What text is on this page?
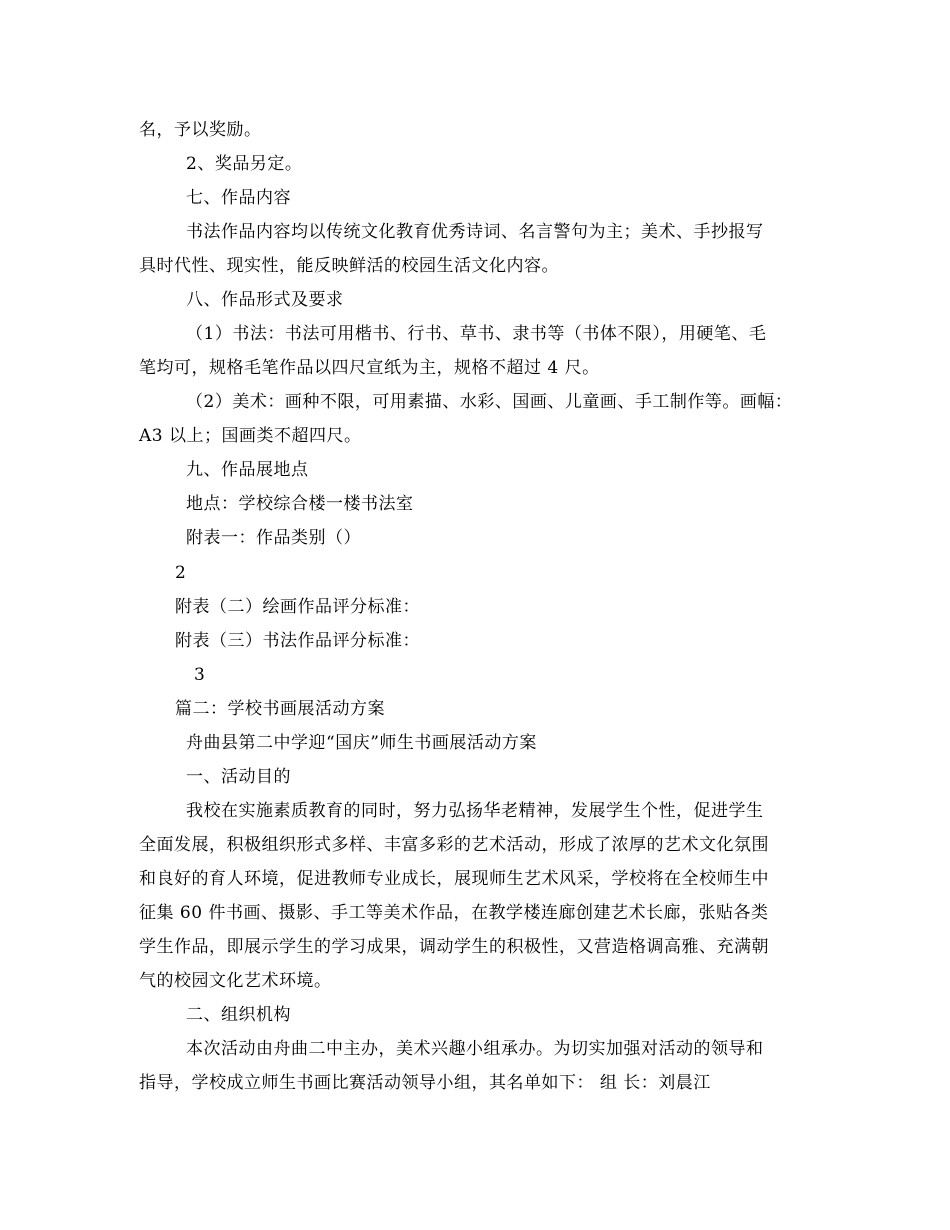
名，予以奖励。
2、奖品另定。
七、作品内容
书法作品内容均以传统文化教育优秀诗词、名言警句为主；美术、手抄报写
具时代性、现实性，能反映鲜活的校园生活文化内容。
八、作品形式及要求
（1）书法：书法可用楷书、行书、草书、隶书等（书体不限），用硬笔、毛
笔均可，规格毛笔作品以四尺宣纸为主，规格不超过 4 尺。
（2）美术：画种不限，可用素描、水彩、国画、儿童画、手工制作等。画幅：
A3 以上；国画类不超四尺。
九、作品展地点
地点：学校综合楼一楼书法室
附表一：作品类别（）
2
附表（二）绘画作品评分标准：
附表（三）书法作品评分标准：
3
篇二：学校书画展活动方案
舟曲县第二中学迎“国庆”师生书画展活动方案
一、活动目的
我校在实施素质教育的同时，努力弘扬华老精神，发展学生个性，促进学生
全面发展，积极组织形式多样、丰富多彩的艺术活动，形成了浓厚的艺术文化氛围
和良好的育人环境，促进教师专业成长，展现师生艺术风采，学校将在全校师生中
征集 60 件书画、摄影、手工等美术作品，在教学楼连廊创建艺术长廊，张贴各类
学生作品，即展示学生的学习成果，调动学生的积极性，又营造格调高雅、充满朝
气的校园文化艺术环境。
二、组织机构
本次活动由舟曲二中主办，美术兴趣小组承办。为切实加强对活动的领导和
指导，学校成立师生书画比赛活动领导小组，其名单如下： 组 长：刘晨江
